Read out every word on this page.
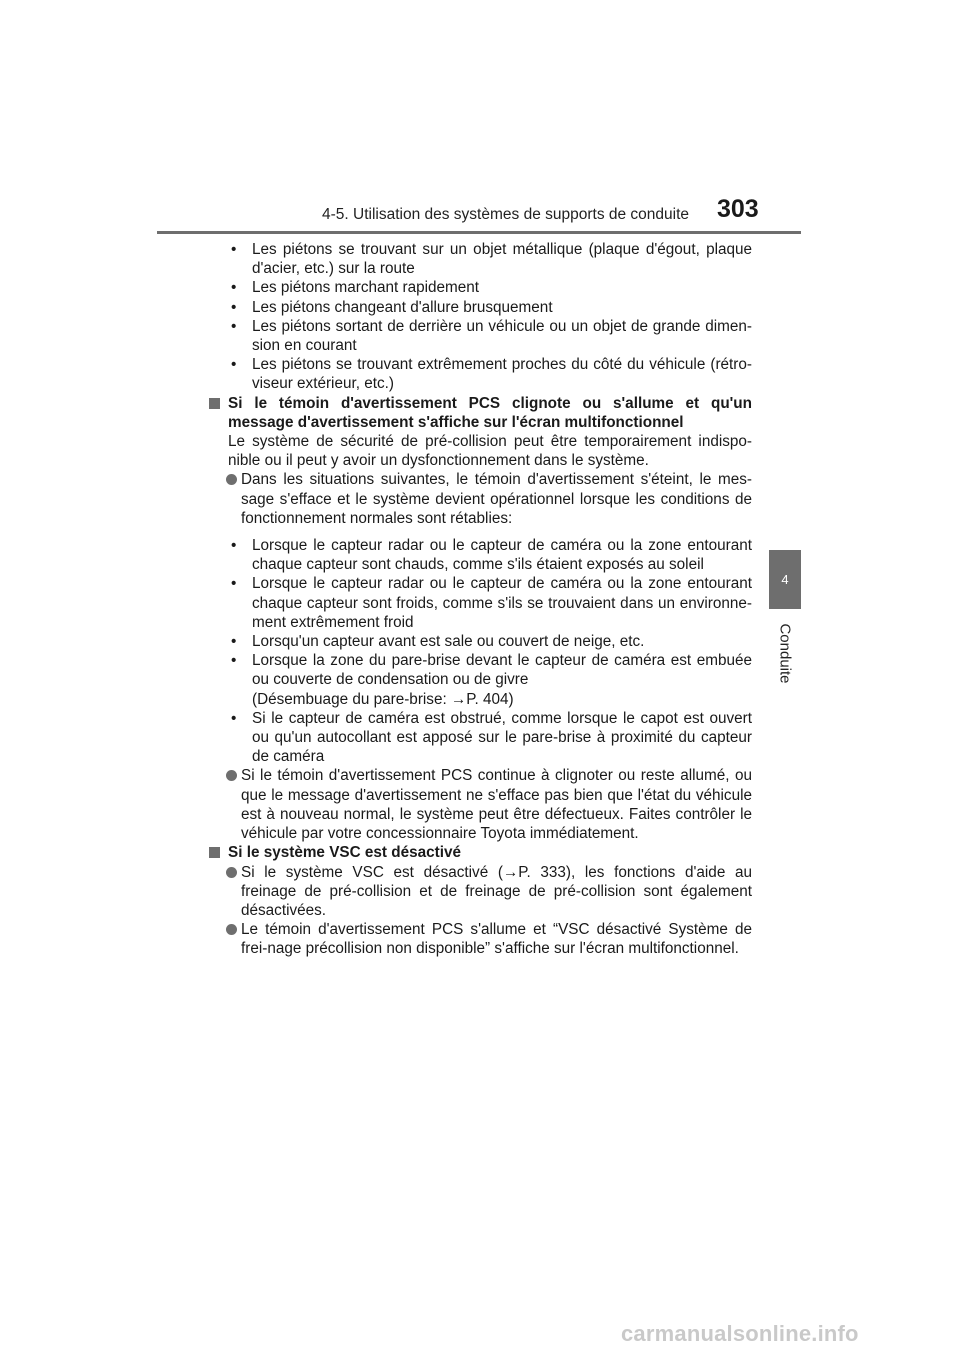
4-5. Utilisation des systèmes de supports de conduite 303
4
Conduite

• Les piétons se trouvant sur un objet métallique (plaque d'égout, plaque d'acier, etc.) sur la route

• Les piétons marchant rapidement

• Les piétons changeant d'allure brusquement

• Les piétons sortant de derrière un véhicule ou un objet de grande dimen-sion en courant

• Les piétons se trouvant extrêmement proches du côté du véhicule (rétro-viseur extérieur, etc.)

Si le témoin d'avertissement PCS clignote ou s'allume et qu'un message d'avertissement s'affiche sur l'écran multifonctionnel

Le système de sécurité de pré-collision peut être temporairement indispo-nible ou il peut y avoir un dysfonctionnement dans le système.

Dans les situations suivantes, le témoin d'avertissement s'éteint, le mes-sage s'efface et le système devient opérationnel lorsque les conditions de fonctionnement normales sont rétablies:

• Lorsque le capteur radar ou le capteur de caméra ou la zone entourant chaque capteur sont chauds, comme s'ils étaient exposés au soleil

• Lorsque le capteur radar ou le capteur de caméra ou la zone entourant chaque capteur sont froids, comme s'ils se trouvaient dans un environne-ment extrêmement froid

• Lorsqu'un capteur avant est sale ou couvert de neige, etc.

• Lorsque la zone du pare-brise devant le capteur de caméra est embuée ou couverte de condensation ou de givre
(Désembuage du pare-brise: →P. 404)

• Si le capteur de caméra est obstrué, comme lorsque le capot est ouvert ou qu'un autocollant est apposé sur le pare-brise à proximité du capteur de caméra

Si le témoin d'avertissement PCS continue à clignoter ou reste allumé, ou que le message d'avertissement ne s'efface pas bien que l'état du véhicule est à nouveau normal, le système peut être défectueux. Faites contrôler le véhicule par votre concessionnaire Toyota immédiatement.

Si le système VSC est désactivé

Si le système VSC est désactivé (→P. 333), les fonctions d'aide au freinage de pré-collision et de freinage de pré-collision sont également désactivées.

Le témoin d'avertissement PCS s'allume et “VSC désactivé Système de frei-nage précollision non disponible” s'affiche sur l'écran multifonctionnel.

carmanualsonline.info
